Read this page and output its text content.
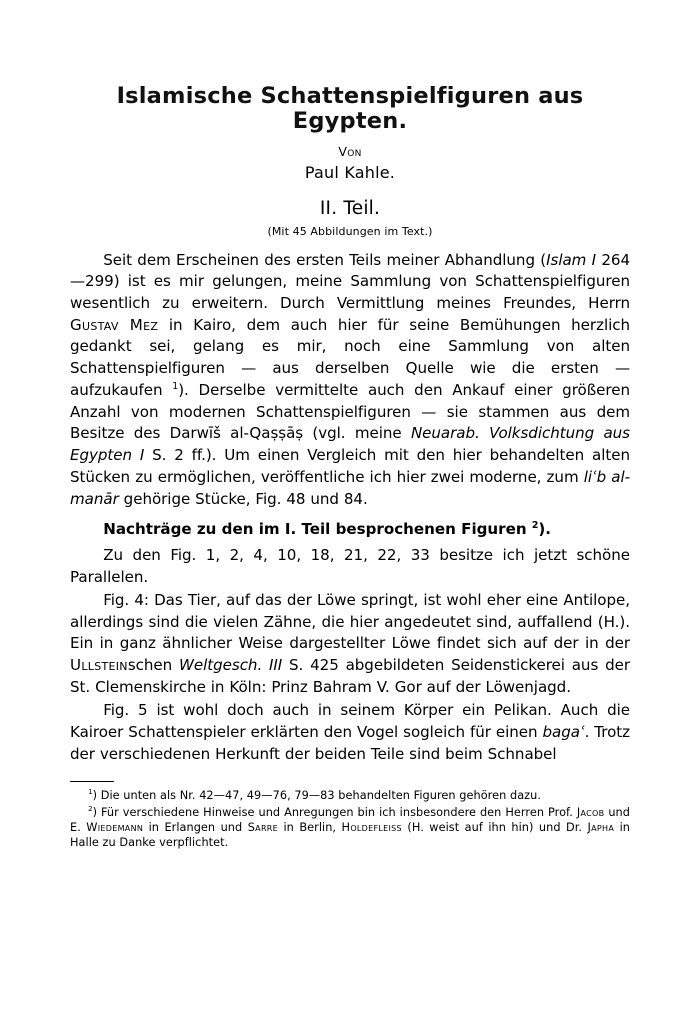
Islamische Schattenspielfiguren aus Egypten.
Von
Paul Kahle.
II. Teil.
(Mit 45 Abbildungen im Text.)

Seit dem Erscheinen des ersten Teils meiner Abhandlung (Islam I 264—299) ist es mir gelungen, meine Sammlung von Schattenspielfiguren wesentlich zu erweitern. Durch Vermittlung meines Freundes, Herrn Gustav Mez in Kairo, dem auch hier für seine Bemühungen herzlich gedankt sei, gelang es mir, noch eine Sammlung von alten Schattenspielfiguren — aus derselben Quelle wie die ersten — aufzukaufen $^1$). Derselbe vermittelte auch den Ankauf einer größeren Anzahl von modernen Schattenspielfiguren — sie stammen aus dem Besitze des Darwīš al-Qaṣṣāṣ (vgl. meine Neuarab. Volksdichtung aus Egypten I S. 2 ff.). Um einen Vergleich mit den hier behandelten alten Stücken zu ermöglichen, veröffentliche ich hier zwei moderne, zum liʿb al-manār gehörige Stücke, Fig. 48 und 84.

Nachträge zu den im I. Teil besprochenen Figuren $^2$).

Zu den Fig. 1, 2, 4, 10, 18, 21, 22, 33 besitze ich jetzt schöne Parallelen.

Fig. 4: Das Tier, auf das der Löwe springt, ist wohl eher eine Antilope, allerdings sind die vielen Zähne, die hier angedeutet sind, auffallend (H.). Ein in ganz ähnlicher Weise dargestellter Löwe findet sich auf der in der Ullsteinschen Weltgesch. III S. 425 abgebildeten Seidenstickerei aus der St. Clemenskirche in Köln: Prinz Bahram V. Gor auf der Löwenjagd.

Fig. 5 ist wohl doch auch in seinem Körper ein Pelikan. Auch die Kairoer Schattenspieler erklärten den Vogel sogleich für einen bagaʿ. Trotz der verschiedenen Herkunft der beiden Teile sind beim Schnabel

$^1$) Die unten als Nr. 42—47, 49—76, 79—83 behandelten Figuren gehören dazu.

$^2$) Für verschiedene Hinweise und Anregungen bin ich insbesondere den Herren Prof. Jacob und E. Wiedemann in Erlangen und Sarre in Berlin, Holdefleiss (H. weist auf ihn hin) und Dr. Japha in Halle zu Danke verpflichtet.
